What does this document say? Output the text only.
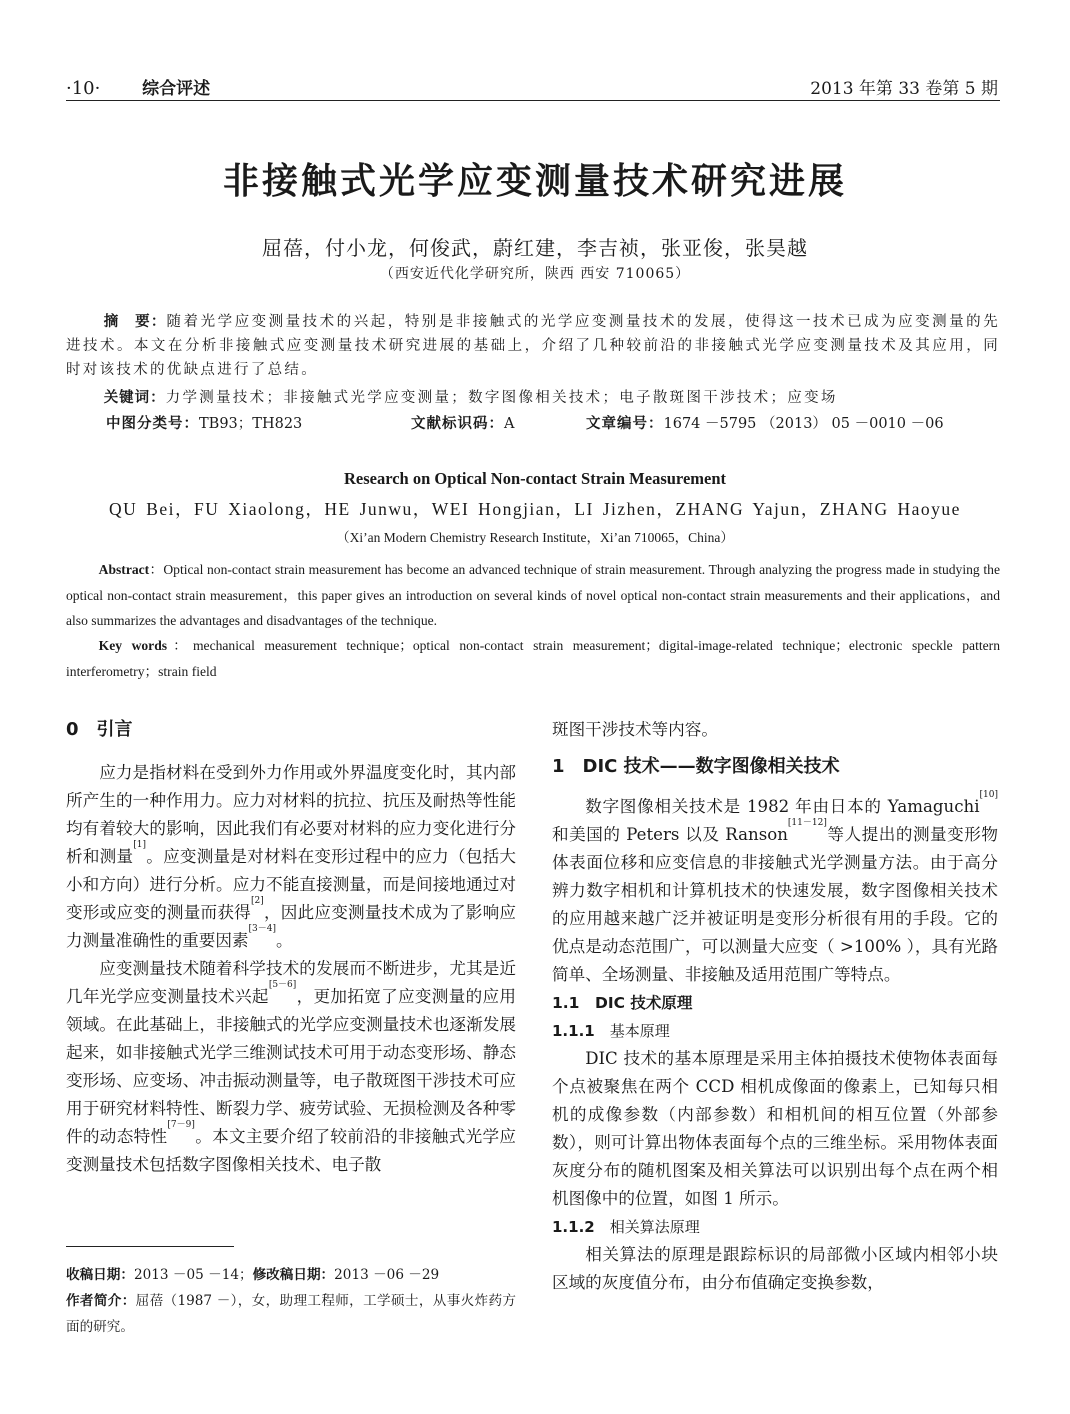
·10· 综合评述	2013 年第 33 卷第 5 期
非接触式光学应变测量技术研究进展
屈蓓，付小龙，何俊武，蔚红建，李吉祯，张亚俊，张昊越
（西安近代化学研究所，陕西 西安 710065）
摘　要：随着光学应变测量技术的兴起，特别是非接触式的光学应变测量技术的发展，使得这一技术已成为应变测量的先进技术。本文在分析非接触式应变测量技术研究进展的基础上，介绍了几种较前沿的非接触式光学应变测量技术及其应用，同时对该技术的优缺点进行了总结。
关键词：力学测量技术；非接触式光学应变测量；数字图像相关技术；电子散斑图干涉技术；应变场
中图分类号：TB93；TH823	文献标识码：A	文章编号：1674 －5795 （2013） 05 －0010 －06
Research on Optical Non-contact Strain Measurement
QU Bei，FU Xiaolong，HE Junwu，WEI Hongjian，LI Jizhen，ZHANG Yajun，ZHANG Haoyue
（Xi’an Modern Chemistry Research Institute，Xi’an 710065，China）
Abstract：Optical non-contact strain measurement has become an advanced technique of strain measurement. Through analyzing the progress made in studying the optical non-contact strain measurement，this paper gives an introduction on several kinds of novel optical non-contact strain measurements and their applications，and also summarizes the advantages and disadvantages of the technique.
Key words：mechanical measurement technique；optical non-contact strain measurement；digital-image-related technique；electronic speckle pattern interferometry；strain field
0　引言

应力是指材料在受到外力作用或外界温度变化时，其内部所产生的一种作用力。应力对材料的抗拉、抗压及耐热等性能均有着较大的影响，因此我们有必要对材料的应力变化进行分析和测量[1]。应变测量是对材料在变形过程中的应力（包括大小和方向）进行分析。应力不能直接测量，而是间接地通过对变形或应变的测量而获得[2]，因此应变测量技术成为了影响应力测量准确性的重要因素[3－4]。

应变测量技术随着科学技术的发展而不断进步，尤其是近几年光学应变测量技术兴起[5－6]，更加拓宽了应变测量的应用领域。在此基础上，非接触式的光学应变测量技术也逐渐发展起来，如非接触式光学三维测试技术可用于动态变形场、静态变形场、应变场、冲击振动测量等，电子散斑图干涉技术可应用于研究材料特性、断裂力学、疲劳试验、无损检测及各种零件的动态特性[7－9]。本文主要介绍了较前沿的非接触式光学应变测量技术包括数字图像相关技术、电子散

收稿日期：2013 －05 －14；修改稿日期：2013 －06 －29
作者简介：屈蓓（1987 －），女，助理工程师，工学硕士，从事火炸药方面的研究。
斑图干涉技术等内容。
1　DIC 技术——数字图像相关技术

数字图像相关技术是 1982 年由日本的 Yamaguchi[10]和美国的 Peters 以及 Ranson[11－12]等人提出的测量变形物体表面位移和应变信息的非接触式光学测量方法。由于高分辨力数字相机和计算机技术的快速发展，数字图像相关技术的应用越来越广泛并被证明是变形分析很有用的手段。它的优点是动态范围广，可以测量大应变（ >100% ），具有光路简单、全场测量、非接触及适用范围广等特点。

1.1　DIC 技术原理
1.1.1　 基本原理

DIC 技术的基本原理是采用主体拍摄技术使物体表面每个点被聚焦在两个 CCD 相机成像面的像素上，已知每只相机的成像参数（内部参数）和相机间的相互位置（外部参数），则可计算出物体表面每个点的三维坐标。采用物体表面灰度分布的随机图案及相关算法可以识别出每个点在两个相机图像中的位置，如图 1 所示。

1.1.2　 相关算法原理

相关算法的原理是跟踪标识的局部微小区域内相邻小块区域的灰度值分布，由分布值确定变换参数，
